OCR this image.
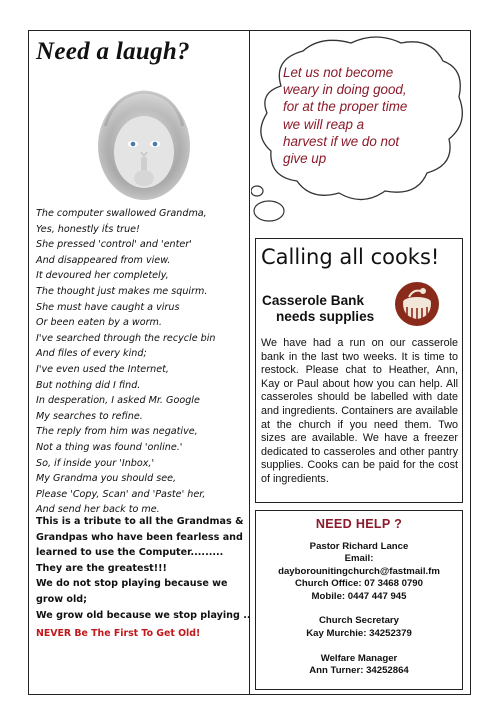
Need a laugh?
The computer swallowed Grandma,
Yes, honestly it́s true!
She pressed 'control' and 'enter'
And disappeared from view.
It devoured her completely,
The thought just makes me squirm.
She must have caught a virus
Or been eaten by a worm.
I've searched through the recycle bin
And files of every kind;
I've even used the Internet,
But nothing did I find.
In desperation, I asked Mr. Google
My searches to refine.
The reply from him was negative,
Not a thing was found 'online.'
So, if inside your 'Inbox,'
My Grandma you should see,
Please 'Copy, Scan' and 'Paste' her,
And send her back to me.
This is a tribute to all the Grandmas &
Grandpas who have been fearless and
learned to use the Computer.........
They are the greatest!!!
We do not stop playing because we
grow old;
We grow old because we stop playing ..
NEVER Be The First To Get Old!
Let us not become
weary in doing good,
for at the proper time
we will reap a
harvest if we do not
give up
Calling all cooks!
Casserole Bank
needs supplies
We have had a run on our casserole bank in the last two weeks. It is time to restock. Please chat to Heather, Ann, Kay or Paul about how you can help. All casseroles should be labelled with date and ingredients. Containers are available at the church if you need them. Two sizes are available. We have a freezer dedicated to casseroles and other pantry supplies. Cooks can be paid for the cost of ingredients.
NEED HELP ?
Pastor Richard Lance
Email:
dayborounitingchurch@fastmail.fm
Church Office: 07 3468 0790
Mobile: 0447 447 945
Church Secretary
Kay Murchie: 34252379
Welfare Manager
Ann Turner: 34252864
